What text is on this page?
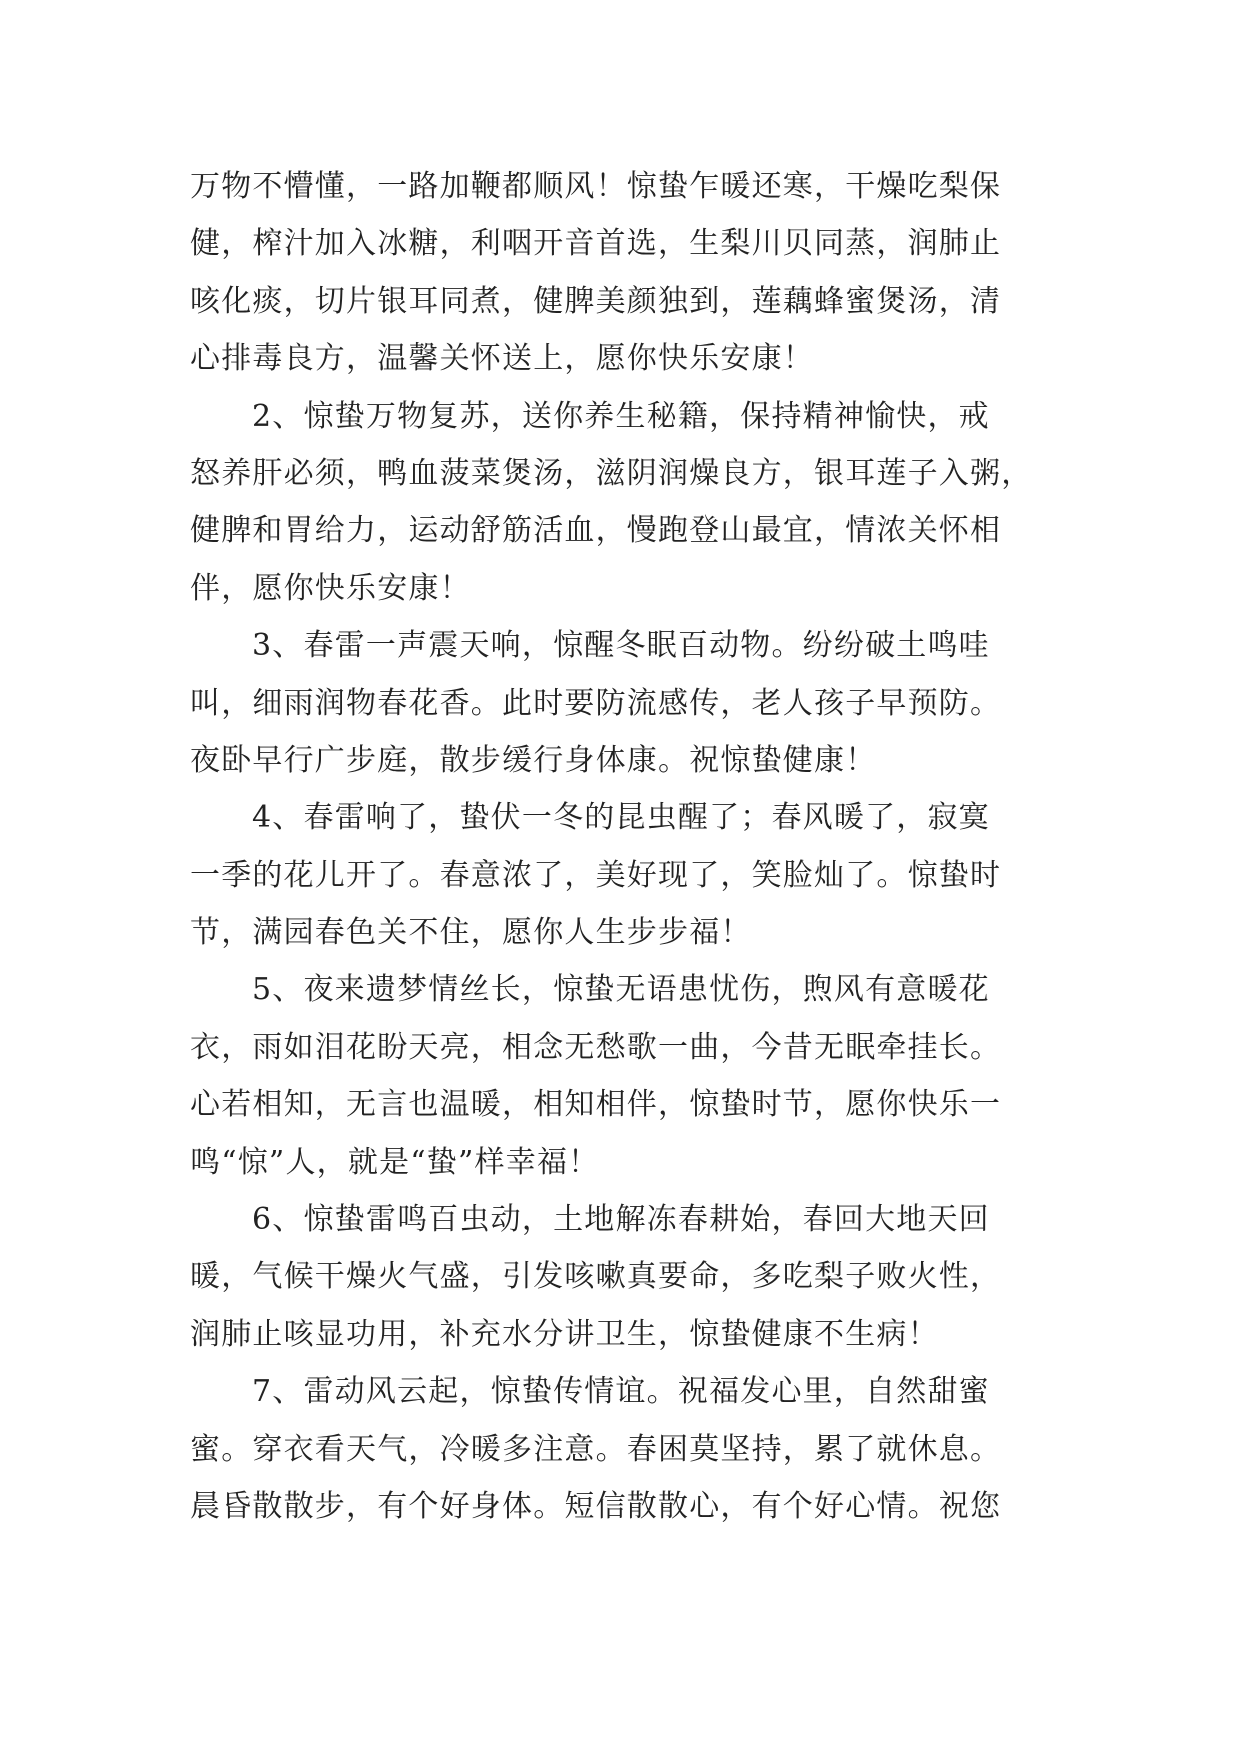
万物不懵懂，一路加鞭都顺风！惊蛰乍暖还寒，干燥吃梨保
健，榨汁加入冰糖，利咽开音首选，生梨川贝同蒸，润肺止
咳化痰，切片银耳同煮，健脾美颜独到，莲藕蜂蜜煲汤，清
心排毒良方，温馨关怀送上，愿你快乐安康！
2、惊蛰万物复苏，送你养生秘籍，保持精神愉快，戒
怒养肝必须，鸭血菠菜煲汤，滋阴润燥良方，银耳莲子入粥，
健脾和胃给力，运动舒筋活血，慢跑登山最宜，情浓关怀相
伴，愿你快乐安康！
3、春雷一声震天响，惊醒冬眠百动物。纷纷破土鸣哇
叫，细雨润物春花香。此时要防流感传，老人孩子早预防。
夜卧早行广步庭，散步缓行身体康。祝惊蛰健康！
4、春雷响了，蛰伏一冬的昆虫醒了；春风暖了，寂寞
一季的花儿开了。春意浓了，美好现了，笑脸灿了。惊蛰时
节，满园春色关不住，愿你人生步步福！
5、夜来遗梦情丝长，惊蛰无语患忧伤，煦风有意暖花
衣，雨如泪花盼天亮，相念无愁歌一曲，今昔无眠牵挂长。
心若相知，无言也温暖，相知相伴，惊蛰时节，愿你快乐一
鸣“惊”人，就是“蛰”样幸福！
6、惊蛰雷鸣百虫动，土地解冻春耕始，春回大地天回
暖，气候干燥火气盛，引发咳嗽真要命，多吃梨子败火性，
润肺止咳显功用，补充水分讲卫生，惊蛰健康不生病！
7、雷动风云起，惊蛰传情谊。祝福发心里，自然甜蜜
蜜。穿衣看天气，冷暖多注意。春困莫坚持，累了就休息。
晨昏散散步，有个好身体。短信散散心，有个好心情。祝您
